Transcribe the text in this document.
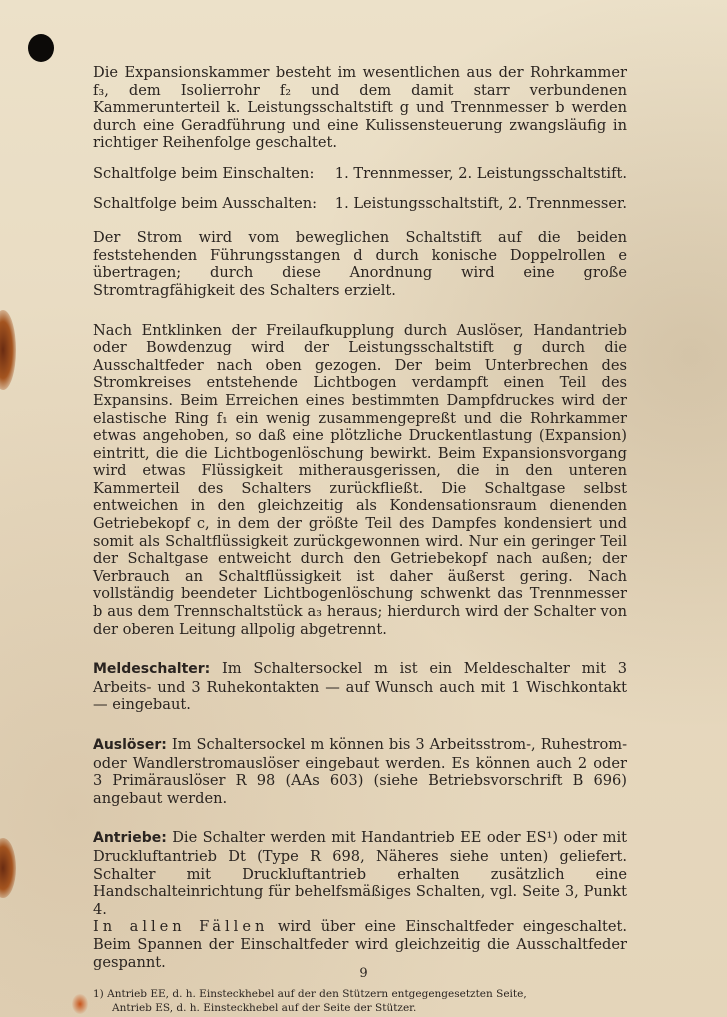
Die Expansionskammer besteht im wesentlichen aus der Rohrkammer f₃, dem Isolierrohr f₂ und dem damit starr verbundenen Kammerunterteil k. Leistungsschaltstift g und Trennmesser b werden durch eine Geradführung und eine Kulissensteuerung zwangsläufig in richtiger Reihenfolge geschaltet.

Schaltfolge beim Einschalten: 1. Trennmesser, 2. Leistungsschaltstift.
Schaltfolge beim Ausschalten: 1. Leistungsschaltstift, 2. Trennmesser.

Der Strom wird vom beweglichen Schaltstift auf die beiden feststehenden Führungsstangen d durch konische Doppelrollen e übertragen; durch diese Anordnung wird eine große Stromtragfähigkeit des Schalters erzielt.

Nach Entklinken der Freilaufkupplung durch Auslöser, Handantrieb oder Bowdenzug wird der Leistungsschaltstift g durch die Ausschaltfeder nach oben gezogen. Der beim Unterbrechen des Stromkreises entstehende Lichtbogen verdampft einen Teil des Expansins. Beim Erreichen eines bestimmten Dampfdruckes wird der elastische Ring f₁ ein wenig zusammengepreßt und die Rohrkammer etwas angehoben, so daß eine plötzliche Druckentlastung (Expansion) eintritt, die die Lichtbogenlöschung bewirkt. Beim Expansionsvorgang wird etwas Flüssigkeit mitherausgerissen, die in den unteren Kammerteil des Schalters zurückfließt. Die Schaltgase selbst entweichen in den gleichzeitig als Kondensationsraum dienenden Getriebekopf c, in dem der größte Teil des Dampfes kondensiert und somit als Schaltflüssigkeit zurückgewonnen wird. Nur ein geringer Teil der Schaltgase entweicht durch den Getriebekopf nach außen; der Verbrauch an Schaltflüssigkeit ist daher äußerst gering. Nach vollständig beendeter Lichtbogenlöschung schwenkt das Trennmesser b aus dem Trennschaltstück a₃ heraus; hierdurch wird der Schalter von der oberen Leitung allpolig abgetrennt.

Meldeschalter: Im Schaltersockel m ist ein Meldeschalter mit 3 Arbeits- und 3 Ruhekontakten — auf Wunsch auch mit 1 Wischkontakt — eingebaut.

Auslöser: Im Schaltersockel m können bis 3 Arbeitsstrom-, Ruhestrom- oder Wandlerstromauslöser eingebaut werden. Es können auch 2 oder 3 Primärauslöser R 98 (AAs 603) (siehe Betriebsvorschrift B 696) angebaut werden.

Antriebe: Die Schalter werden mit Handantrieb EE oder ES¹) oder mit Druckluftantrieb Dt (Type R 698, Näheres siehe unten) geliefert. Schalter mit Druckluftantrieb erhalten zusätzlich eine Handschalteinrichtung für behelfsmäßiges Schalten, vgl. Seite 3, Punkt 4.

In allen Fällen wird über eine Einschaltfeder eingeschaltet. Beim Spannen der Einschaltfeder wird gleichzeitig die Ausschaltfeder gespannt.

1) Antrieb EE, d. h. Einsteckhebel auf der den Stützern entgegengesetzten Seite,
Antrieb ES, d. h. Einsteckhebel auf der Seite der Stützer.
9
